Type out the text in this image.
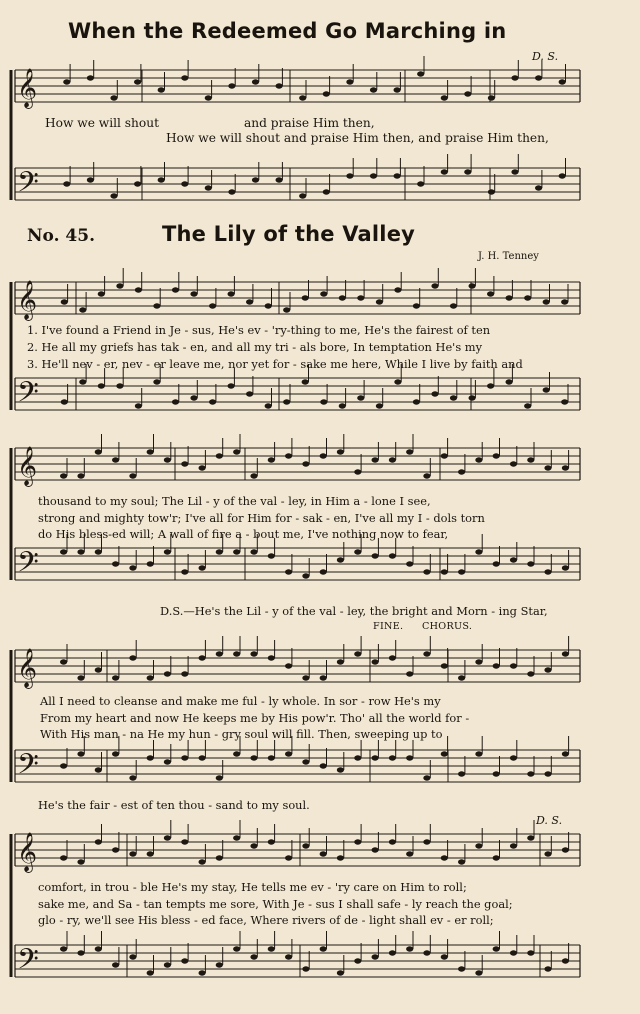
𝄞
𝄢
𝄞
𝄢
𝄞
𝄢
𝄞
𝄢
𝄞
𝄢
When the Redeemed Go Marching in
D. S.
How we will shout	and praise Him then,
How we will shout and praise Him then, and praise Him then,
No. 45.	The Lily of the Valley
J. H. Tenney
1. I've found a Friend in Je - sus, He's ev - 'ry-thing to me, He's the fairest of ten
2. He all my griefs has tak - en, and all my tri - als bore, In temptation He's my
3. He'll nev - er, nev - er leave me, nor yet for - sake me here, While I live by faith and
thousand to my soul; The Lil - y of the val - ley, in Him a - lone I see,
strong and mighty tow'r; I've all for Him for - sak - en, I've all my I - dols torn
do His bless-ed will; A wall of fire a - bout me, I've nothing now to fear,
D.S.—He's the Lil - y of the val - ley, the bright and Morn - ing Star,
FINE. CHORUS.
All I need to cleanse and make me ful - ly whole. In sor - row He's my
From my heart and now He keeps me by His pow'r. Tho' all the world for -
With His man - na He my hun - gry soul will fill. Then, sweeping up to
He's the fair - est of ten thou - sand to my soul.
D. S.
comfort, in trou - ble He's my stay, He tells me ev - 'ry care on Him to roll;
sake me, and Sa - tan tempts me sore, With Je - sus I shall safe - ly reach the goal;
glo - ry, we'll see His bless - ed face, Where rivers of de - light shall ev - er roll;
